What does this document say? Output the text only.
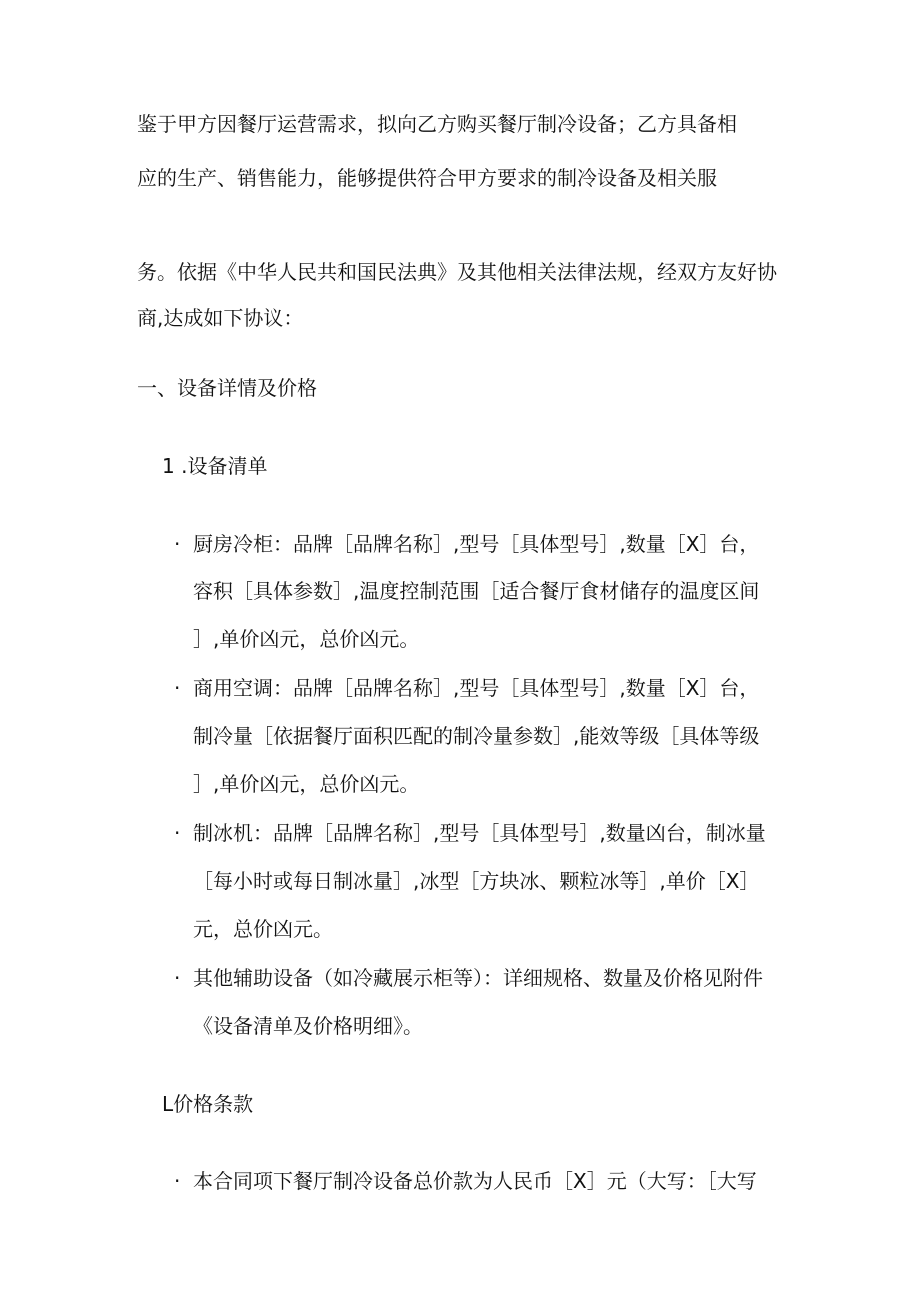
鉴于甲方因餐厅运营需求，拟向乙方购买餐厅制冷设备；乙方具备相
应的生产、销售能力，能够提供符合甲方要求的制冷设备及相关服
务。依据《中华人民共和国民法典》及其他相关法律法规，经双方友好协
商,达成如下协议：
一、设备详情及价格
1 .设备清单
· 厨房冷柜：品牌［品牌名称］,型号［具体型号］,数量［X］台，
容积［具体参数］,温度控制范围［适合餐厅食材储存的温度区间
］,单价凶元，总价凶元。
· 商用空调：品牌［品牌名称］,型号［具体型号］,数量［X］台，
制冷量［依据餐厅面积匹配的制冷量参数］,能效等级［具体等级
］,单价凶元，总价凶元。
· 制冰机：品牌［品牌名称］,型号［具体型号］,数量凶台，制冰量
［每小时或每日制冰量］,冰型［方块冰、颗粒冰等］,单价［X］
元，总价凶元。
· 其他辅助设备（如冷藏展示柜等）：详细规格、数量及价格见附件
《设备清单及价格明细》。
L价格条款
· 本合同项下餐厅制冷设备总价款为人民币［X］元（大写：［大写
